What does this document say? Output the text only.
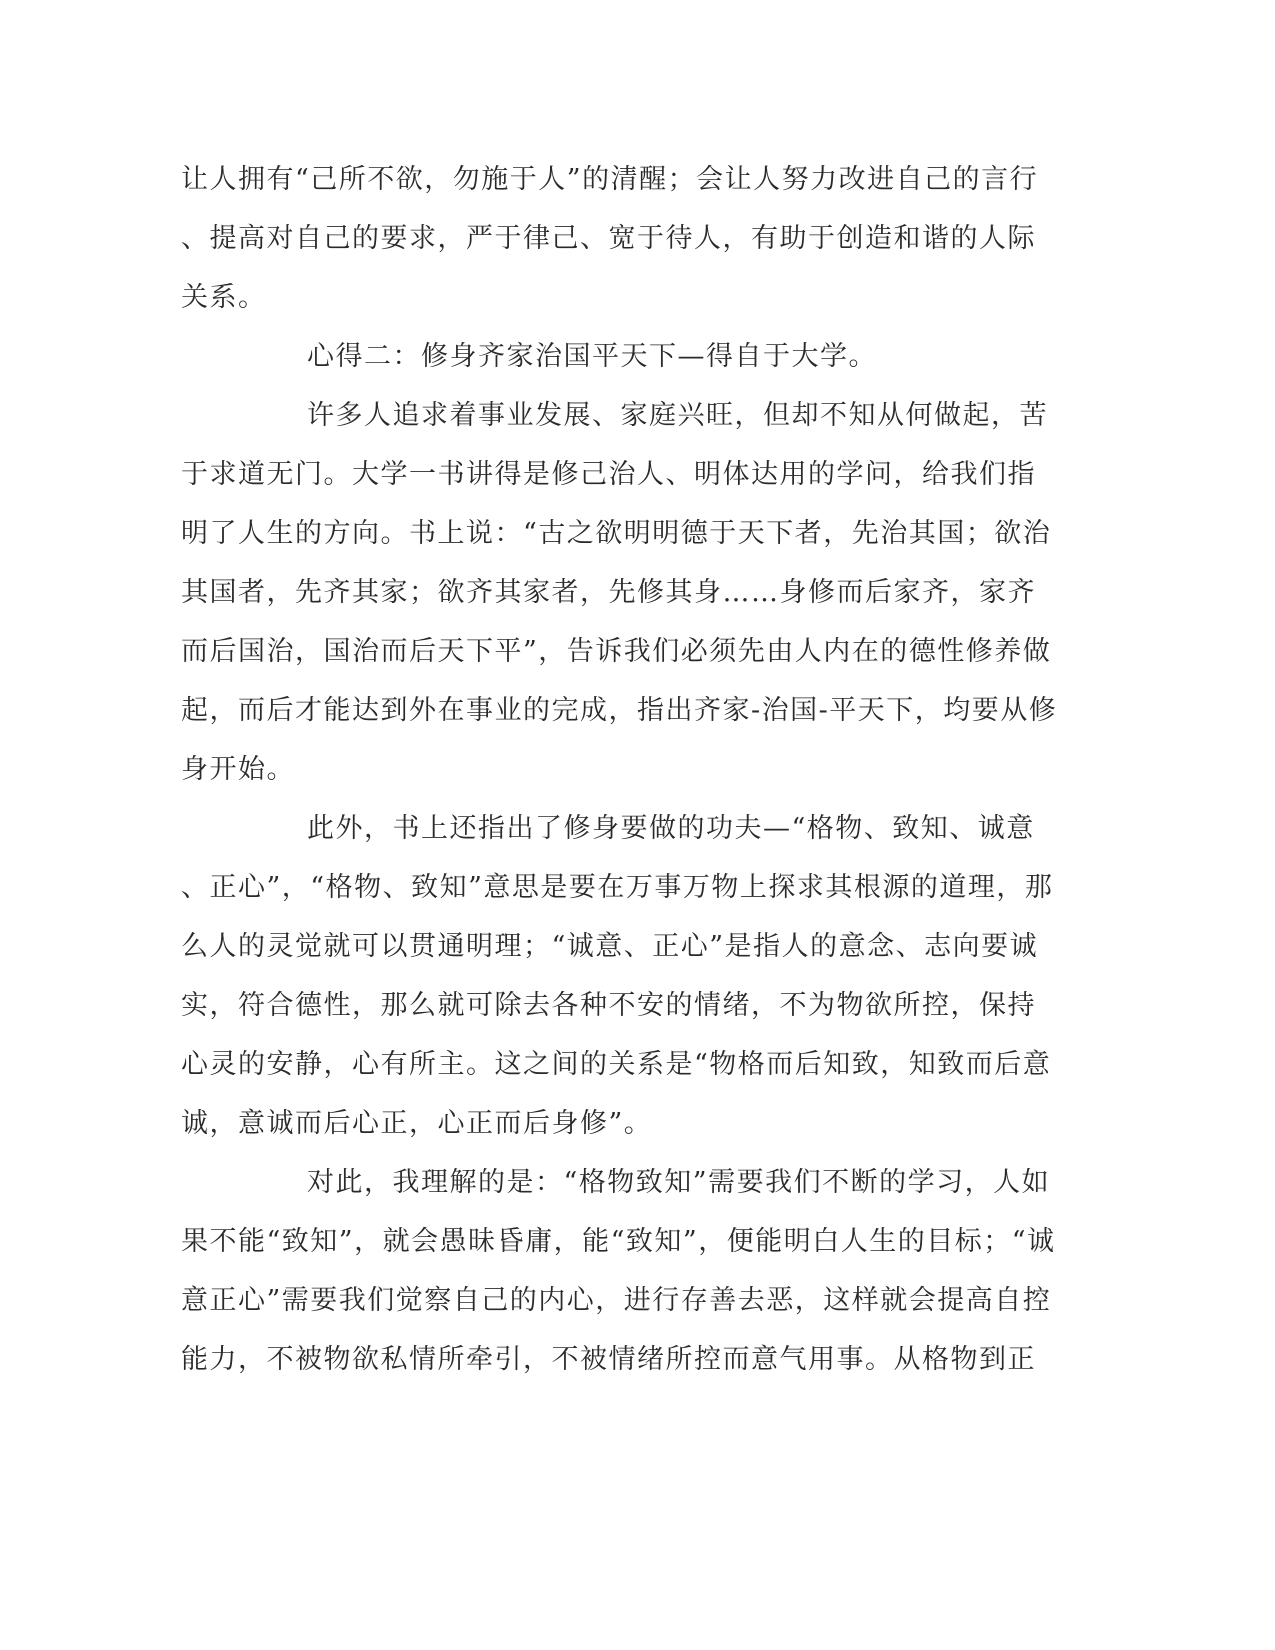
让人拥有“己所不欲，勿施于人”的清醒；会让人努力改进自己的言行
、提高对自己的要求，严于律己、宽于待人，有助于创造和谐的人际
关系。
心得二：修身齐家治国平天下—得自于大学。
许多人追求着事业发展、家庭兴旺，但却不知从何做起，苦
于求道无门。大学一书讲得是修己治人、明体达用的学问，给我们指
明了人生的方向。书上说：“古之欲明明德于天下者，先治其国；欲治
其国者，先齐其家；欲齐其家者，先修其身……身修而后家齐，家齐
而后国治，国治而后天下平”，告诉我们必须先由人内在的德性修养做
起，而后才能达到外在事业的完成，指出齐家-治国-平天下，均要从修
身开始。
此外，书上还指出了修身要做的功夫—“格物、致知、诚意
、正心”，“格物、致知”意思是要在万事万物上探求其根源的道理，那
么人的灵觉就可以贯通明理；“诚意、正心”是指人的意念、志向要诚
实，符合德性，那么就可除去各种不安的情绪，不为物欲所控，保持
心灵的安静，心有所主。这之间的关系是“物格而后知致，知致而后意
诚，意诚而后心正，心正而后身修”。
对此，我理解的是：“格物致知”需要我们不断的学习，人如
果不能“致知”，就会愚昧昏庸，能“致知”，便能明白人生的目标；“诚
意正心”需要我们觉察自己的内心，进行存善去恶，这样就会提高自控
能力，不被物欲私情所牵引，不被情绪所控而意气用事。从格物到正
